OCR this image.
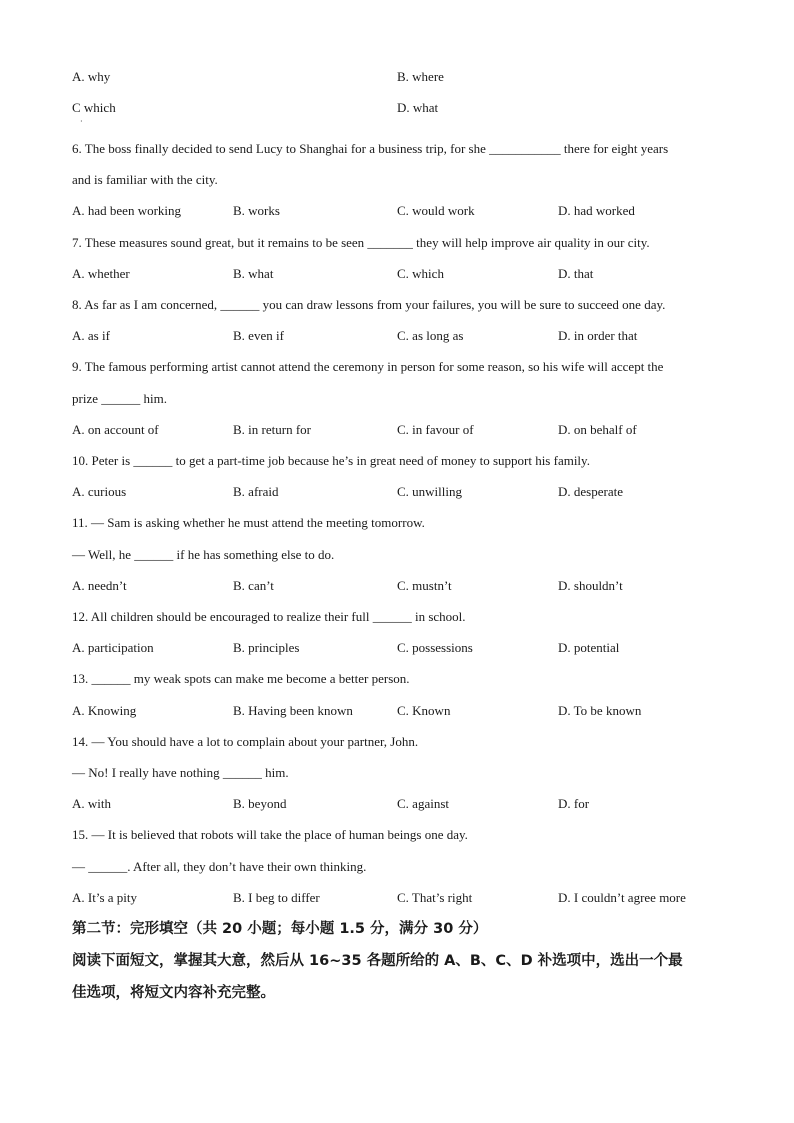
A. why	B. where
C which	D. what
·
6. The boss finally decided to send Lucy to Shanghai for a business trip, for she ___________ there for eight years
and is familiar with the city.
A. had been working	B. works	C. would work	D. had worked
7. These measures sound great, but it remains to be seen _______ they will help improve air quality in our city.
A. whether	B. what	C. which	D. that
8. As far as I am concerned, ______ you can draw lessons from your failures, you will be sure to succeed one day.
A. as if	B. even if	C. as long as	D. in order that
9. The famous performing artist cannot attend the ceremony in person for some reason, so his wife will accept the
prize ______ him.
A. on account of	B. in return for	C. in favour of	D. on behalf of
10. Peter is ______ to get a part-time job because he’s in great need of money to support his family.
A. curious	B. afraid	C. unwilling	D. desperate
11. — Sam is asking whether he must attend the meeting tomorrow.
— Well, he ______ if he has something else to do.
A. needn’t	B. can’t	C. mustn’t	D. shouldn’t
12. All children should be encouraged to realize their full ______ in school.
A. participation	B. principles	C. possessions	D. potential
13. ______ my weak spots can make me become a better person.
A. Knowing	B. Having been known	C. Known	D. To be known
14. — You should have a lot to complain about your partner, John.
— No! I really have nothing ______ him.
A. with	B. beyond	C. against	D. for
15. — It is believed that robots will take the place of human beings one day.
— ______. After all, they don’t have their own thinking.
A. It’s a pity	B. I beg to differ	C. That’s right	D. I couldn’t agree more
第二节：完形填空（共 20 小题；每小题 1.5 分，满分 30 分）
阅读下面短文，掌握其大意，然后从 16~35 各题所给的 A、B、C、D 补选项中，选出一个最
佳选项，将短文内容补充完整。
